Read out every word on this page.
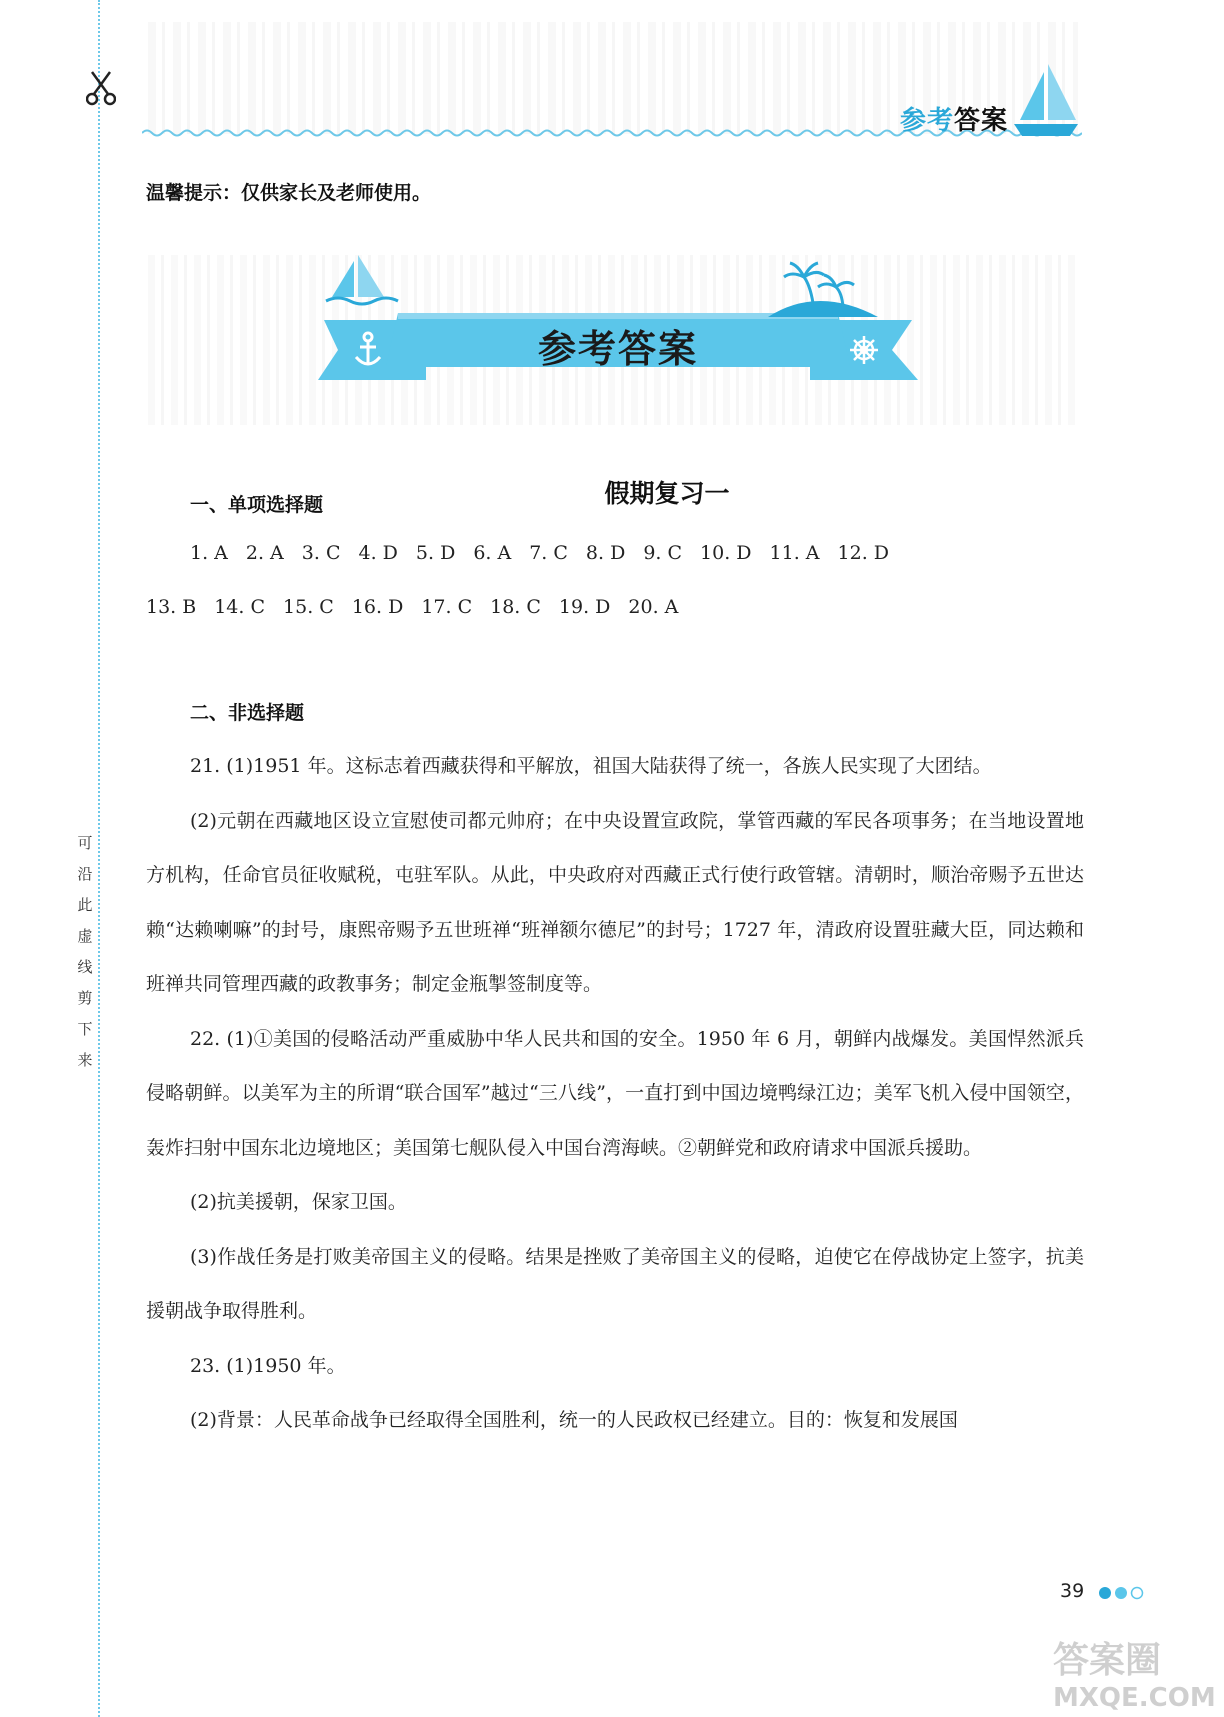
可
沿
此
虚
线
剪
下
来
参考答案
温馨提示：仅供家长及老师使用。
参考答案
假期复习一
一、单项选择题
1. A 2. A 3. C 4. D 5. D 6. A 7. C 8. D 9. C 10. D 11. A 12. D
13. B 14. C 15. C 16. D 17. C 18. C 19. D 20. A
二、非选择题

21. (1)1951 年。这标志着西藏获得和平解放，祖国大陆获得了统一，各族人民实现了大团结。

(2)元朝在西藏地区设立宣慰使司都元帅府；在中央设置宣政院，掌管西藏的军民各项事务；在当地设置地方机构，任命官员征收赋税，屯驻军队。从此，中央政府对西藏正式行使行政管辖。清朝时，顺治帝赐予五世达赖“达赖喇嘛”的封号，康熙帝赐予五世班禅“班禅额尔德尼”的封号；1727 年，清政府设置驻藏大臣，同达赖和班禅共同管理西藏的政教事务；制定金瓶掣签制度等。

22. (1)①美国的侵略活动严重威胁中华人民共和国的安全。1950 年 6 月，朝鲜内战爆发。美国悍然派兵侵略朝鲜。以美军为主的所谓“联合国军”越过“三八线”，一直打到中国边境鸭绿江边；美军飞机入侵中国领空，轰炸扫射中国东北边境地区；美国第七舰队侵入中国台湾海峡。②朝鲜党和政府请求中国派兵援助。

(2)抗美援朝，保家卫国。

(3)作战任务是打败美帝国主义的侵略。结果是挫败了美帝国主义的侵略，迫使它在停战协定上签字，抗美援朝战争取得胜利。

23. (1)1950 年。

(2)背景：人民革命战争已经取得全国胜利，统一的人民政权已经建立。目的：恢复和发展国

39
答案圈
MXQE.COM
